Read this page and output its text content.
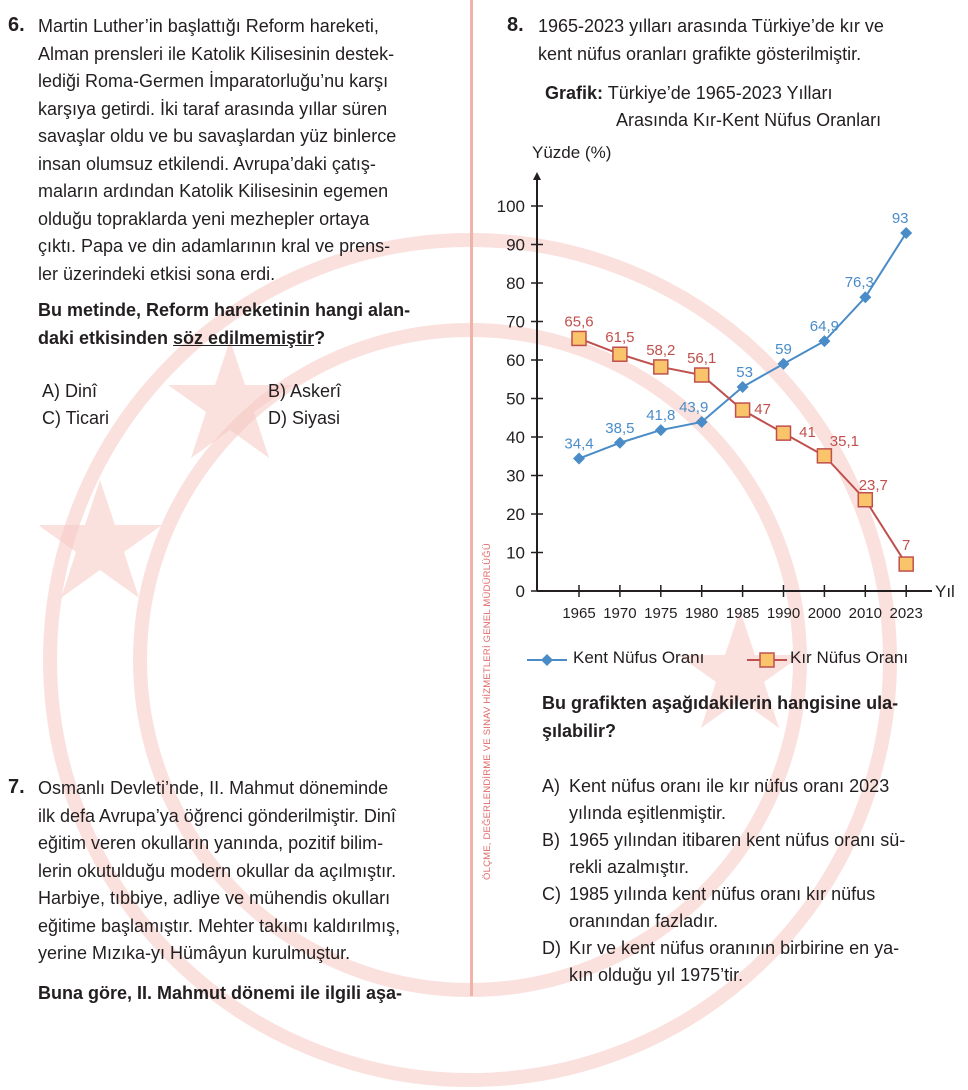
ÖLÇME, DEĞERLENDİRME VE SINAV HİZMETLERİ GENEL MÜDÜRLÜĞÜ
6. Martin Luther’in başlattığı Reform hareketi,
Alman prensleri ile Katolik Kilisesinin destek-
lediği Roma-Germen İmparatorluğu’nu karşı
karşıya getirdi. İki taraf arasında yıllar süren
savaşlar oldu ve bu savaşlardan yüz binlerce
insan olumsuz etkilendi. Avrupa’daki çatış-
maların ardından Katolik Kilisesinin egemen
olduğu topraklarda yeni mezhepler ortaya
çıktı. Papa ve din adamlarının kral ve prens-
ler üzerindeki etkisi sona erdi.
Bu metinde, Reform hareketinin hangi alan-
daki etkisinden söz edilmemiştir?
A) Dinî	B) Askerî
C) Ticari	D) Siyasi
7. Osmanlı Devleti’nde, II. Mahmut döneminde
ilk defa Avrupa’ya öğrenci gönderilmiştir. Dinî
eğitim veren okulların yanında, pozitif bilim-
lerin okutulduğu modern okullar da açılmıştır.
Harbiye, tıbbiye, adliye ve mühendis okulları
eğitime başlamıştır. Mehter takımı kaldırılmış,
yerine Mızıka-yı Hümâyun kurulmuştur.
Buna göre, II. Mahmut dönemi ile ilgili aşa-
8. 1965-2023 yılları arasında Türkiye’de kır ve
kent nüfus oranları grafikte gösterilmiştir.
Grafik: Türkiye’de 1965-2023 Yılları
Arasında Kır-Kent Nüfus Oranları
Yüzde (%)
Yıl
0
10
20
30
40
50
60
70
80
90
100
1965 1970 1975 1980 1985 1990 2000 2010 2023
34,4
38,5
41,8 43,9
53
59
64,9
76,3
93
65,6
61,5
58,2 56,1
47
41
35,1
23,7
7
Kent Nüfus Oranı	Kır Nüfus Oranı
Bu grafikten aşağıdakilerin hangisine ula-
şılabilir?
A) Kent nüfus oranı ile kır nüfus oranı 2023
yılında eşitlenmiştir.
B) 1965 yılından itibaren kent nüfus oranı sü-
rekli azalmıştır.
C) 1985 yılında kent nüfus oranı kır nüfus
oranından fazladır.
D) Kır ve kent nüfus oranının birbirine en ya-
kın olduğu yıl 1975’tir.
